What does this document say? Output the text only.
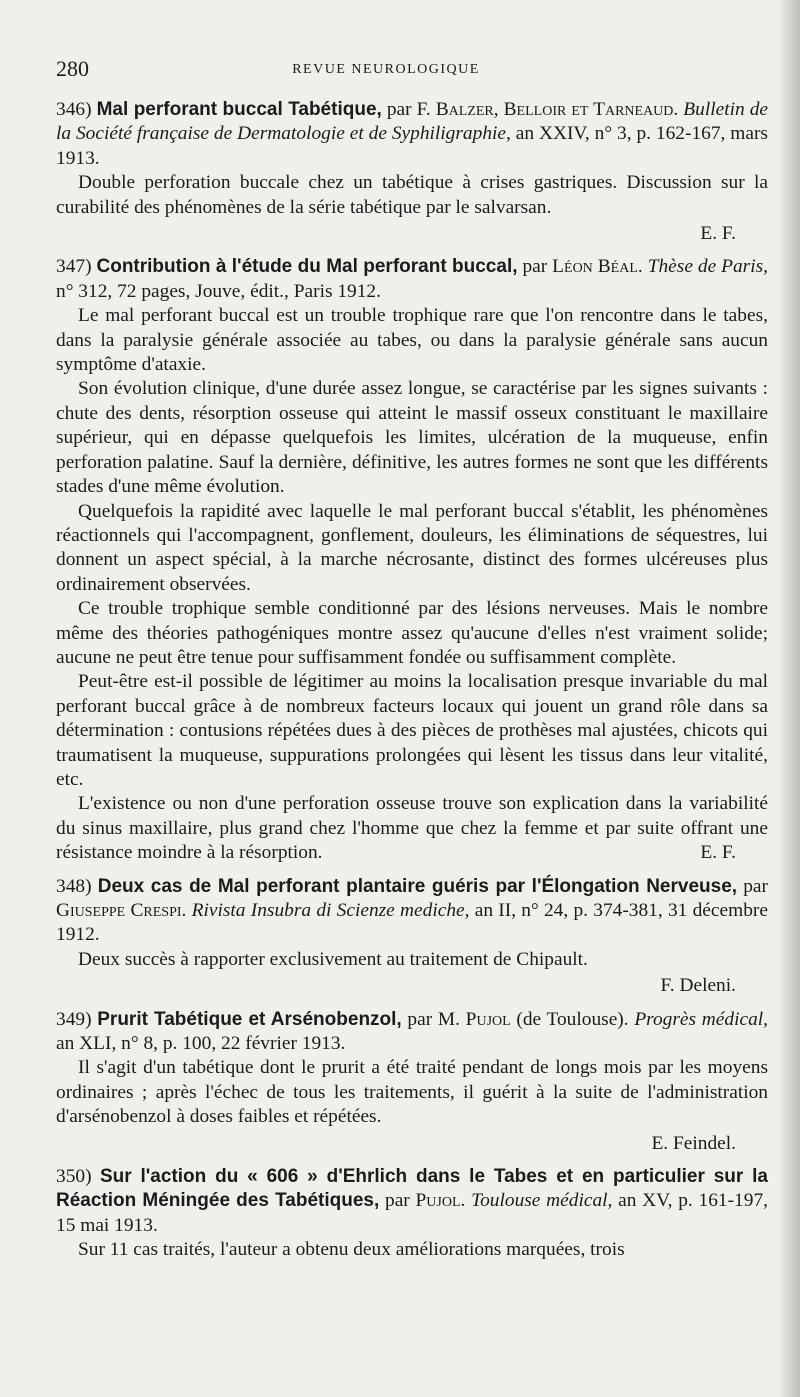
280	REVUE NEUROLOGIQUE

346) Mal perforant buccal Tabétique, par F. Balzer, Belloir et Tarneaud. Bulletin de la Société française de Dermatologie et de Syphiligraphie, an XXIV, n° 3, p. 162-167, mars 1913.

Double perforation buccale chez un tabétique à crises gastriques. Discussion sur la curabilité des phénomènes de la série tabétique par le salvarsan.

E. F.

347) Contribution à l'étude du Mal perforant buccal, par Léon Béal. Thèse de Paris, n° 312, 72 pages, Jouve, édit., Paris 1912.

Le mal perforant buccal est un trouble trophique rare que l'on rencontre dans le tabes, dans la paralysie générale associée au tabes, ou dans la paralysie générale sans aucun symptôme d'ataxie.

Son évolution clinique, d'une durée assez longue, se caractérise par les signes suivants : chute des dents, résorption osseuse qui atteint le massif osseux constituant le maxillaire supérieur, qui en dépasse quelquefois les limites, ulcération de la muqueuse, enfin perforation palatine. Sauf la dernière, définitive, les autres formes ne sont que les différents stades d'une même évolution.

Quelquefois la rapidité avec laquelle le mal perforant buccal s'établit, les phénomènes réactionnels qui l'accompagnent, gonflement, douleurs, les éliminations de séquestres, lui donnent un aspect spécial, à la marche nécrosante, distinct des formes ulcéreuses plus ordinairement observées.

Ce trouble trophique semble conditionné par des lésions nerveuses. Mais le nombre même des théories pathogéniques montre assez qu'aucune d'elles n'est vraiment solide; aucune ne peut être tenue pour suffisamment fondée ou suffisamment complète.

Peut-être est-il possible de légitimer au moins la localisation presque invariable du mal perforant buccal grâce à de nombreux facteurs locaux qui jouent un grand rôle dans sa détermination : contusions répétées dues à des pièces de prothèses mal ajustées, chicots qui traumatisent la muqueuse, suppurations prolongées qui lèsent les tissus dans leur vitalité, etc.

L'existence ou non d'une perforation osseuse trouve son explication dans la variabilité du sinus maxillaire, plus grand chez l'homme que chez la femme et par suite offrant une résistance moindre à la résorption.	E. F.

348) Deux cas de Mal perforant plantaire guéris par l'Élongation Nerveuse, par Giuseppe Crespi. Rivista Insubra di Scienze mediche, an II, n° 24, p. 374-381, 31 décembre 1912.

Deux succès à rapporter exclusivement au traitement de Chipault.

F. Deleni.

349) Prurit Tabétique et Arsénobenzol, par M. Pujol (de Toulouse). Progrès médical, an XLI, n° 8, p. 100, 22 février 1913.

Il s'agit d'un tabétique dont le prurit a été traité pendant de longs mois par les moyens ordinaires ; après l'échec de tous les traitements, il guérit à la suite de l'administration d'arsénobenzol à doses faibles et répétées.

E. Feindel.

350) Sur l'action du « 606 » d'Ehrlich dans le Tabes et en particulier sur la Réaction Méningée des Tabétiques, par Pujol. Toulouse médical, an XV, p. 161-197, 15 mai 1913.

Sur 11 cas traités, l'auteur a obtenu deux améliorations marquées, trois
